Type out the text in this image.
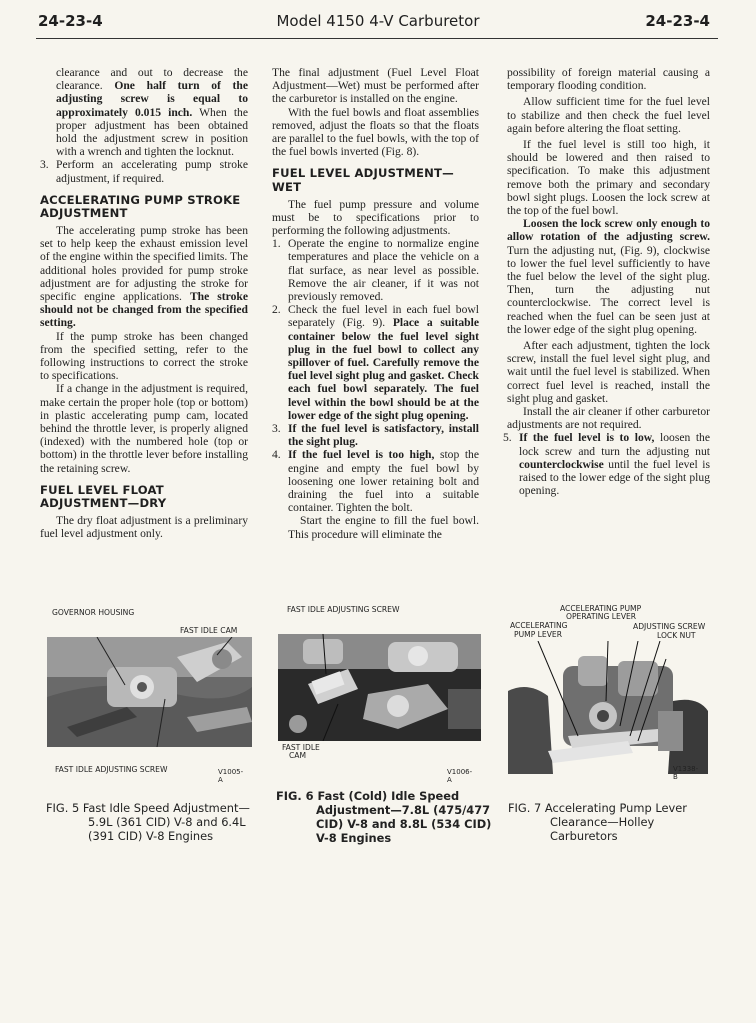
24-23-4	Model 4150 4-V Carburetor	24-23-4
clearance and out to decrease the clearance. One half turn of the adjusting screw is equal to approximately 0.015 inch. When the proper adjustment has been obtained hold the adjustment screw in position with a wrench and tighten the locknut.
3. Perform an accelerating pump stroke adjustment, if required.
ACCELERATING PUMP STROKE ADJUSTMENT

The accelerating pump stroke has been set to help keep the exhaust emission level of the engine within the specified limits. The additional holes provided for pump stroke adjustment are for adjusting the stroke for specific engine applications. The stroke should not be changed from the specified setting.

If the pump stroke has been changed from the specified setting, refer to the following instructions to correct the stroke to specifications.

If a change in the adjustment is required, make certain the proper hole (top or bottom) in plastic accelerating pump cam, located behind the throttle lever, is properly aligned (indexed) with the numbered hole (top or bottom) in the throttle lever before installing the retaining screw.

FUEL LEVEL FLOAT ADJUSTMENT—DRY

The dry float adjustment is a preliminary fuel level adjustment only.

The final adjustment (Fuel Level Float Adjustment—Wet) must be performed after the carburetor is installed on the engine.

With the fuel bowls and float assemblies removed, adjust the floats so that the floats are parallel to the fuel bowls, with the top of the fuel bowls inverted (Fig. 8).

FUEL LEVEL ADJUSTMENT—WET

The fuel pump pressure and volume must be to specifications prior to performing the following adjustments.

1. Operate the engine to normalize engine temperatures and place the vehicle on a flat surface, as near level as possible. Remove the air cleaner, if it was not previously removed.
2. Check the fuel level in each fuel bowl separately (Fig. 9). Place a suitable container below the fuel level sight plug in the fuel bowl to collect any spillover of fuel. Carefully remove the fuel level sight plug and gasket. Check each fuel bowl separately. The fuel level within the bowl should be at the lower edge of the sight plug opening.
3. If the fuel level is satisfactory, install the sight plug.
4. If the fuel level is too high, stop the engine and empty the fuel bowl by loosening one lower retaining bolt and draining the fuel into a suitable container. Tighten the bolt.
Start the engine to fill the fuel bowl. This procedure will eliminate the

possibility of foreign material causing a temporary flooding condition.

Allow sufficient time for the fuel level to stabilize and then check the fuel level again before altering the float setting.

If the fuel level is still too high, it should be lowered and then raised to specification. To make this adjustment remove both the primary and secondary bowl sight plugs. Loosen the lock screw at the top of the fuel bowl.

Loosen the lock screw only enough to allow rotation of the adjusting screw. Turn the adjusting nut, (Fig. 9), clockwise to lower the fuel level sufficiently to have the fuel below the level of the sight plug. Then, turn the adjusting nut counterclockwise. The correct level is reached when the fuel can be seen just at the lower edge of the sight plug opening.

After each adjustment, tighten the lock screw, install the fuel level sight plug, and wait until the fuel level is stabilized. When correct fuel level is reached, install the sight plug and gasket.

Install the air cleaner if other carburetor adjustments are not required.

5. If the fuel level is to low, loosen the lock screw and turn the adjusting nut counterclockwise until the fuel level is raised to the lower edge of the sight plug opening.
GOVERNOR HOUSING
FAST IDLE CAM
FAST IDLE ADJUSTING SCREW	V1005-A
FIG. 5 Fast Idle Speed Adjustment—
5.9L (361 CID) V-8 and 6.4L
(391 CID) V-8 Engines
FAST IDLE ADJUSTING SCREW
FAST IDLE
CAM
V1006-A
FIG. 6 Fast (Cold) Idle Speed
Adjustment—7.8L (475/477
CID) V-8 and 8.8L (534 CID)
V-8 Engines
ACCELERATING PUMP
OPERATING LEVER
ACCELERATING
PUMP LEVER
ADJUSTING SCREW
LOCK NUT
V1338-B
FIG. 7 Accelerating Pump Lever
Clearance—Holley
Carburetors
